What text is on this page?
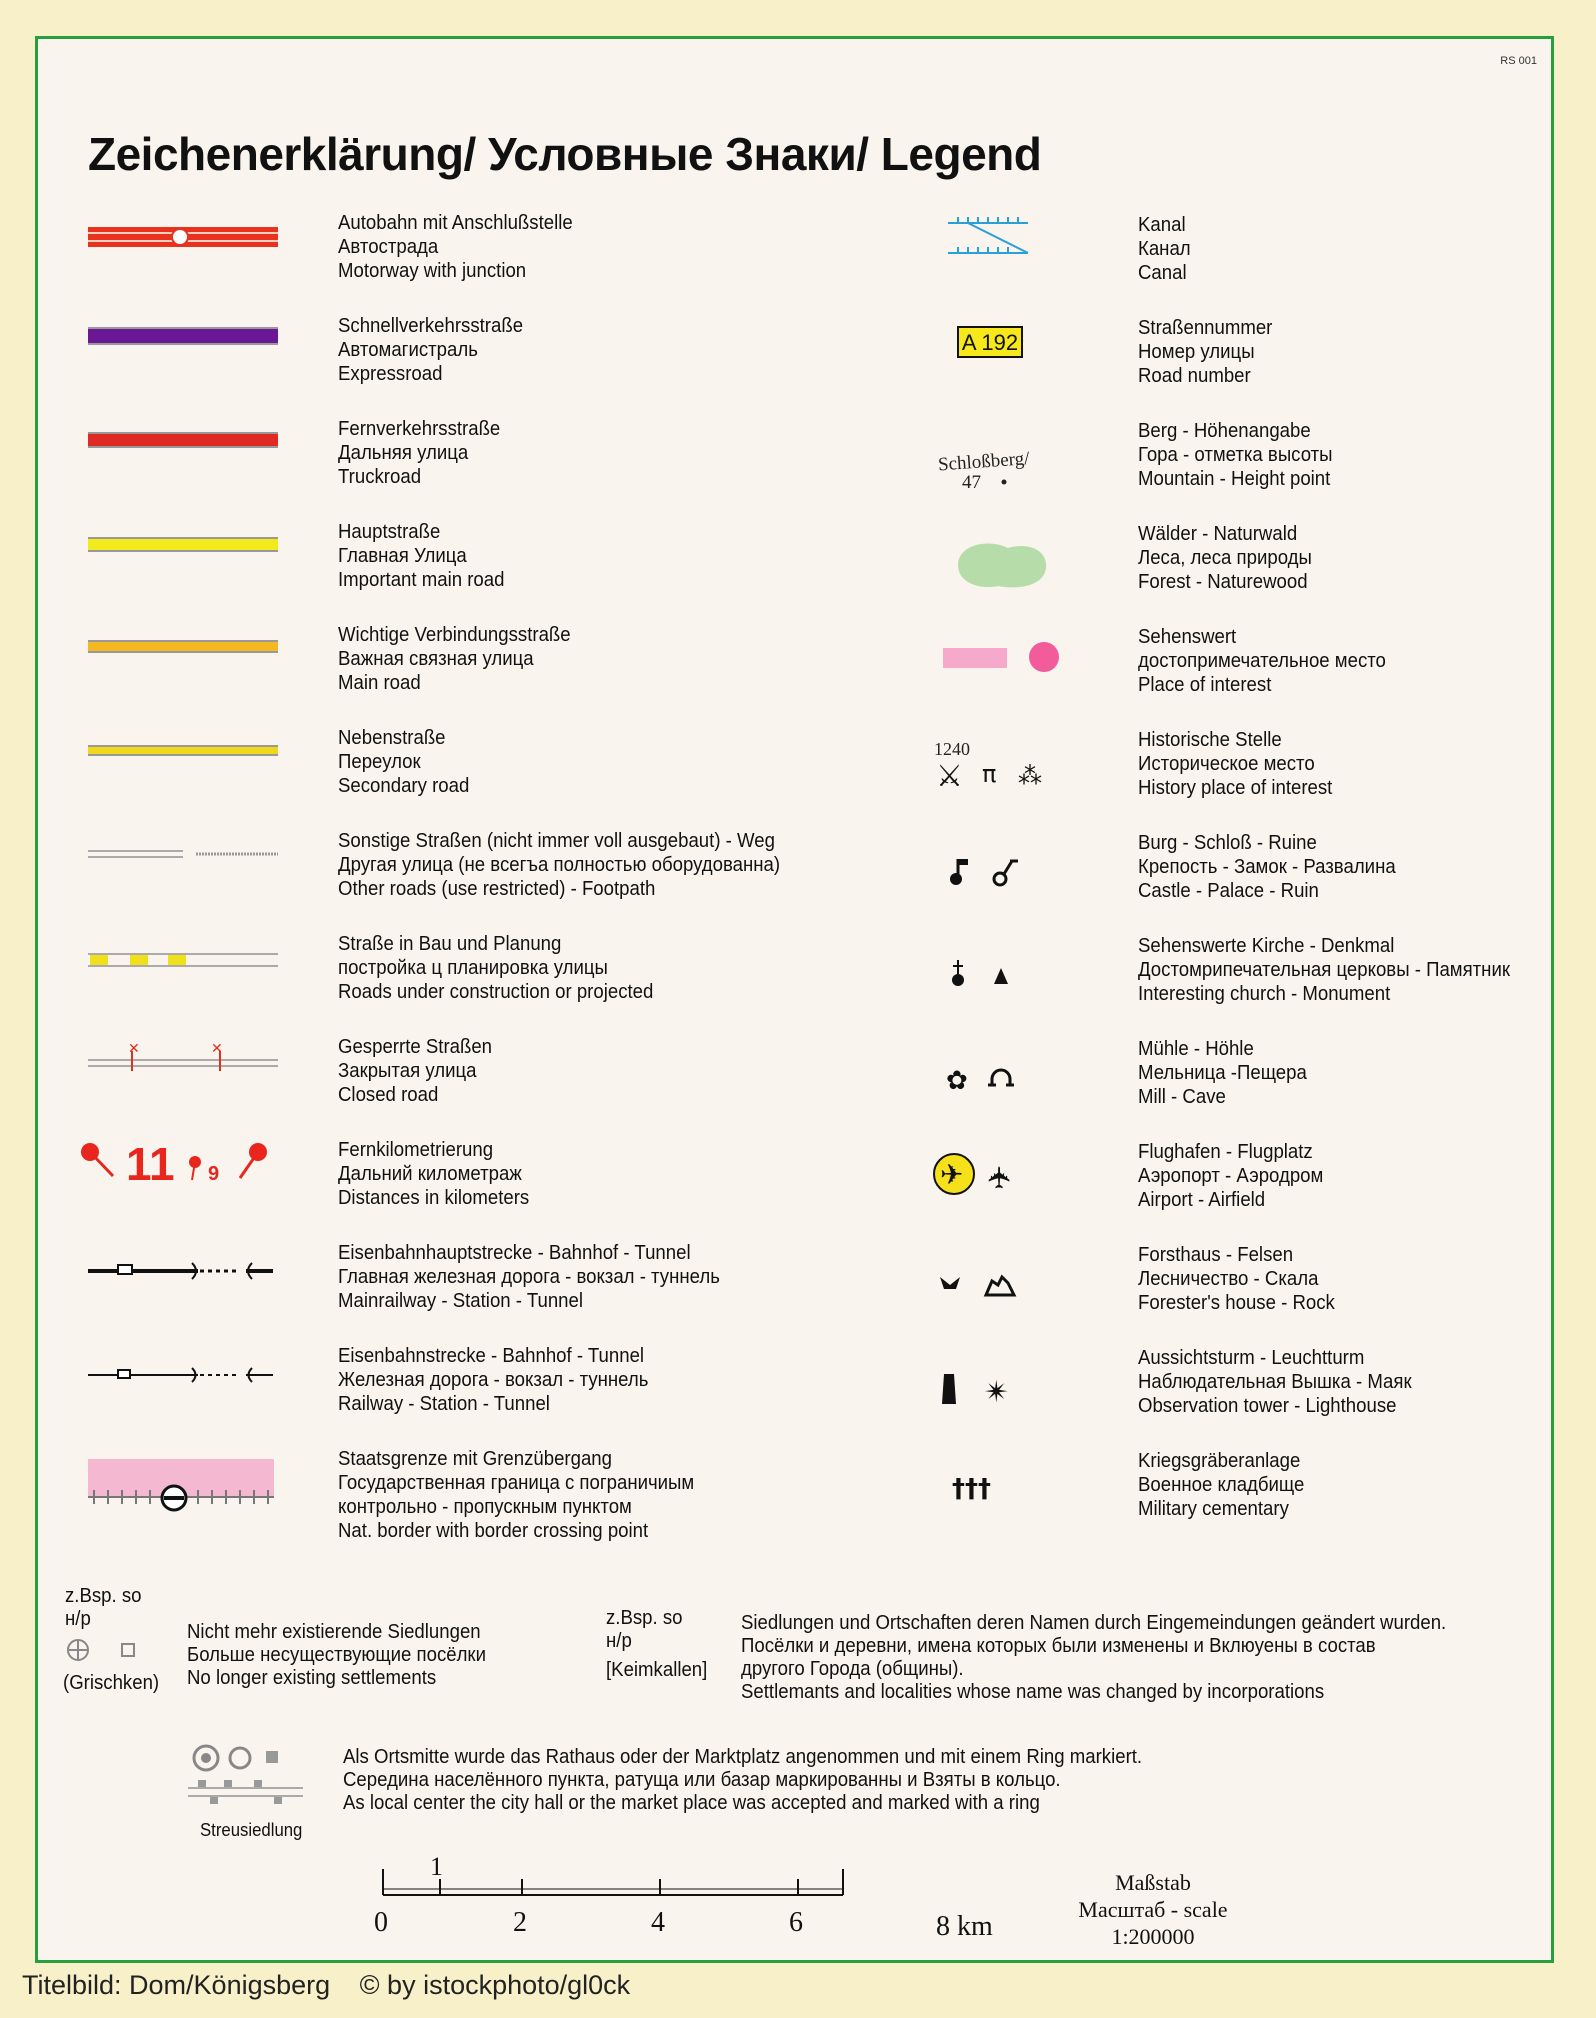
RS 001
Zeichenerklärung/ Условные Знаки/ Legend
Autobahn mit Anschlußstelle
Автострада
Motorway with junction
Schnellverkehrsstraße
Автомагистраль
Expressroad
Fernverkehrsstraße
Дальняя улица
Truckroad
Hauptstraße
Главная Улица
Important main road
Wichtige Verbindungsstraße
Важная связная улица
Main road
Nebenstraße
Переулок
Secondary road
Sonstige Straßen (nicht immer voll ausgebaut) - Weg
Другая улица (не всегъа полностью оборудованна)
Other roads (use restricted) - Footpath
Straße in Bau und Planung
постройка ц планировка улицы
Roads under construction or projected
✕	✕	Gesperrte Straßen
Закрытая улица
Closed road
11 9
Fernkilometrierung
Дальний километраж
Distances in kilometers
Eisenbahnhauptstrecke - Bahnhof - Tunnel
Главная железная дорога - вокзал - туннель
Mainrailway - Station - Tunnel
Eisenbahnstrecke - Bahnhof - Tunnel
Железная дорога - вокзал - туннель
Railway - Station - Tunnel
Staatsgrenze mit Grenzübergang
Государственная граница с пограничиым
контрольно - пропускным пунктом
Nat. border with border crossing point
Kanal
Канал
Canal
A 192
Straßennummer
Номер улицы
Road number
Schloßberg/
47
Berg - Höhenangabe
Гора - отметка высоты
Mountain - Height point
Wälder - Naturwald
Леса, леса природы
Forest - Naturewood
Sehenswert
достопримечательное место
Place of interest
1240
⚔ π ⁂
Historische Stelle
Историческое место
History place of interest
Burg - Schloß - Ruine
Крепость - Замок - Развалина
Castle - Palace - Ruin
Sehenswerte Kirche - Denkmal
Достомрипечательная церковы - Памятник
Interesting church - Monument
✿
Mühle - Höhle
Мельница -Пещера
Mill - Cave
✈ ✈
Flughafen - Flugplatz
Аэропорт - Аэродром
Airport - Airfield
Forsthaus - Felsen
Лесничество - Скала
Forester's house - Rock
✴
Aussichtsturm - Leuchtturm
Наблюдательная Вышка - Маяк
Observation tower - Lighthouse
†††
Kriegsgräberanlage
Военное кладбище
Military cementary
z.Bsp. so
н/р
(Grischken)
Nicht mehr existierende Siedlungen
Больше несуществующие посёлки
No longer existing settlements
z.Bsp. so
н/р
[Keimkallen]
Siedlungen und Ortschaften deren Namen durch Eingemeindungen geändert wurden.
Посёлки и деревни, имена которых были изменены и Вклюуены в состав
другого Города (общины).
Settlemants and localities whose name was changed by incorporations
Streusiedlung
Als Ortsmitte wurde das Rathaus oder der Marktplatz angenommen und mit einem Ring markiert.
Середина населённого пункта, ратуща или базар маркированны и Взяты в кольцо.
As local center the city hall or the market place was accepted and marked with a ring
1
0	2	4	6	8 km
Maßstab
Масштаб - scale
1:200000
Titelbild: Dom/Königsberg © by istockphoto/gl0ck
